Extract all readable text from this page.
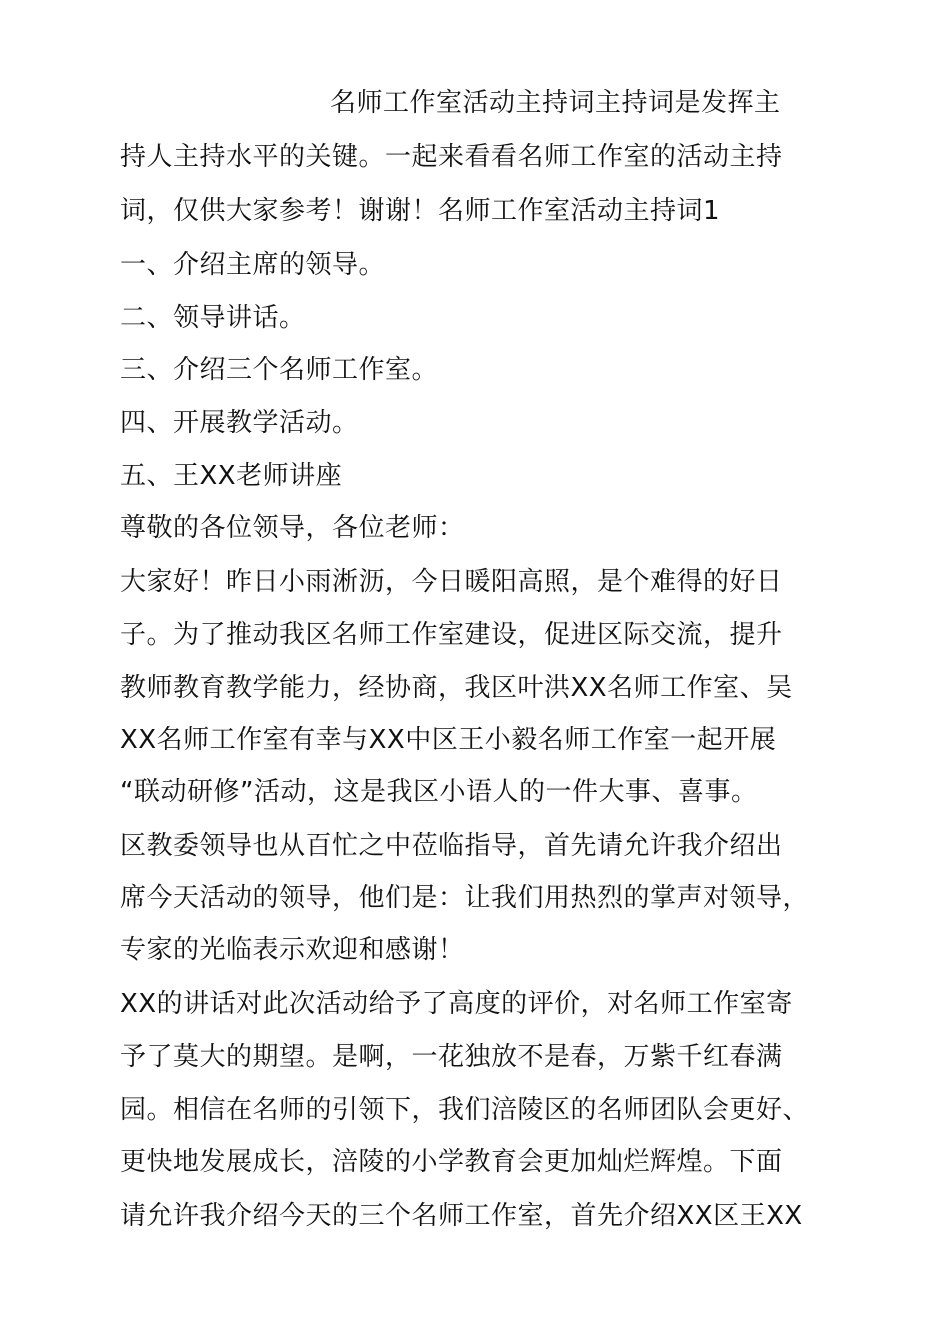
名师工作室活动主持词主持词是发挥主
持人主持水平的关键。一起来看看名师工作室的活动主持
词，仅供大家参考！谢谢！名师工作室活动主持词1
一、介绍主席的领导。
二、领导讲话。
三、介绍三个名师工作室。
四、开展教学活动。
五、王XX老师讲座
尊敬的各位领导，各位老师：
大家好！昨日小雨淅沥，今日暖阳高照，是个难得的好日
子。为了推动我区名师工作室建设，促进区际交流，提升
教师教育教学能力，经协商，我区叶洪XX名师工作室、吴
XX名师工作室有幸与XX中区王小毅名师工作室一起开展
“联动研修”活动，这是我区小语人的一件大事、喜事。
区教委领导也从百忙之中莅临指导，首先请允许我介绍出
席今天活动的领导，他们是：让我们用热烈的掌声对领导，
专家的光临表示欢迎和感谢！
XX的讲话对此次活动给予了高度的评价，对名师工作室寄
予了莫大的期望。是啊，一花独放不是春，万紫千红春满
园。相信在名师的引领下，我们涪陵区的名师团队会更好、
更快地发展成长，涪陵的小学教育会更加灿烂辉煌。下面
请允许我介绍今天的三个名师工作室，首先介绍XX区王XX
